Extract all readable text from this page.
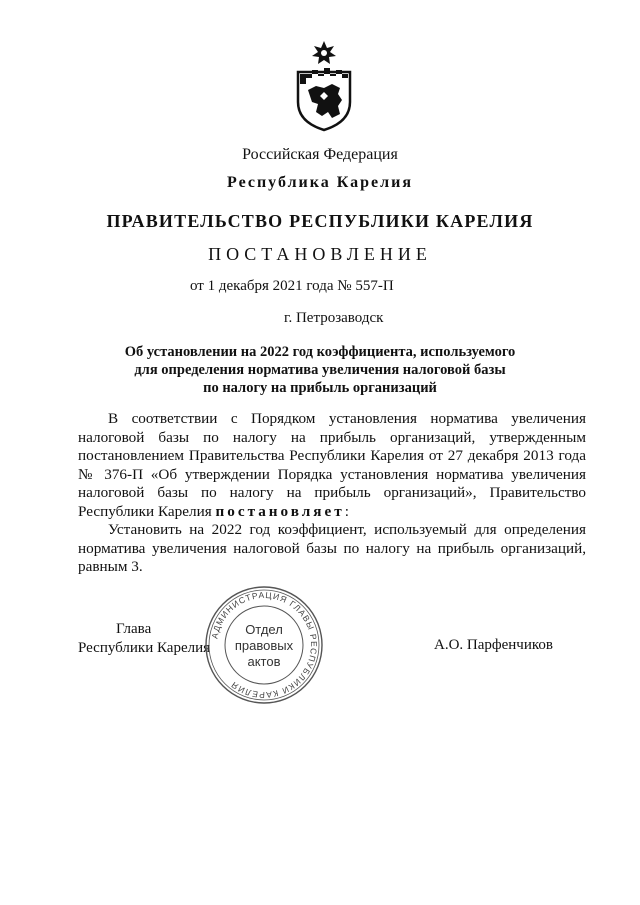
Российская Федерация
Республика Карелия
ПРАВИТЕЛЬСТВО РЕСПУБЛИКИ КАРЕЛИЯ
ПОСТАНОВЛЕНИЕ
от 1 декабря 2021 года № 557-П
г. Петрозаводск
Об установлении на 2022 год коэффициента, используемого
для определения норматива увеличения налоговой базы
по налогу на прибыль организаций
В соответствии с Порядком установления норматива увеличения налоговой базы по налогу на прибыль организаций, утвержденным постановлением Правительства Республики Карелия от 27 декабря 2013 года № 376-П «Об утверждении Порядка установления норматива увеличения налоговой базы по налогу на прибыль организаций», Правительство Республики Карелия постановляет:
Установить на 2022 год коэффициент, используемый для определения норматива увеличения налоговой базы по налогу на прибыль организаций, равным 3.
Глава
Республики Карелия	А.О. Парфенчиков
АДМИНИСТРАЦИЯ ГЛАВЫ РЕСПУБЛИКИ КАРЕЛИЯ
Отдел
правовых
актов
